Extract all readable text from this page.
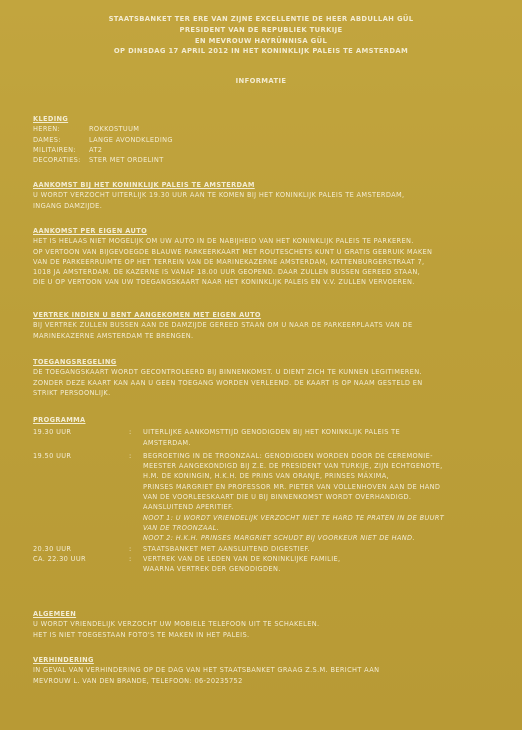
STAATSBANKET TER ERE VAN ZIJNE EXCELLENTIE DE HEER ABDULLAH GÜL
PRESIDENT VAN DE REPUBLIEK TURKIJE
EN MEVROUW HAYRÜNNISA GÜL
OP DINSDAG 17 APRIL 2012 IN HET KONINKLIJK PALEIS TE AMSTERDAM
INFORMATIE
KLEDING
HEREN:	ROKKOSTUUM
DAMES:	LANGE AVONDKLEDING
MILITAIREN:	AT2
DECORATIES:	STER MET ORDELINT
AANKOMST BIJ HET KONINKLIJK PALEIS TE AMSTERDAM
U WORDT VERZOCHT UITERLIJK 19.30 UUR AAN TE KOMEN BIJ HET KONINKLIJK PALEIS TE AMSTERDAM,
INGANG DAMZIJDE.
AANKOMST PER EIGEN AUTO
HET IS HELAAS NIET MOGELIJK OM UW AUTO IN DE NABIJHEID VAN HET KONINKLIJK PALEIS TE PARKEREN.
OP VERTOON VAN BIJGEVOEGDE BLAUWE PARKEERKAART MET ROUTESCHETS KUNT U GRATIS GEBRUIK MAKEN
VAN DE PARKEERRUIMTE OP HET TERREIN VAN DE MARINEKAZERNE AMSTERDAM, KATTENBURGERSTRAAT 7,
1018 JA AMSTERDAM. DE KAZERNE IS VANAF 18.00 UUR GEOPEND. DAAR ZULLEN BUSSEN GEREED STAAN,
DIE U OP VERTOON VAN UW TOEGANGSKAART NAAR HET KONINKLIJK PALEIS EN V.V. ZULLEN VERVOEREN.
VERTREK INDIEN U BENT AANGEKOMEN MET EIGEN AUTO
BIJ VERTREK ZULLEN BUSSEN AAN DE DAMZIJDE GEREED STAAN OM U NAAR DE PARKEERPLAATS VAN DE
MARINEKAZERNE AMSTERDAM TE BRENGEN.
TOEGANGSREGELING
DE TOEGANGSKAART WORDT GECONTROLEERD BIJ BINNENKOMST. U DIENT ZICH TE KUNNEN LEGITIMEREN.
ZONDER DEZE KAART KAN AAN U GEEN TOEGANG WORDEN VERLEEND. DE KAART IS OP NAAM GESTELD EN
STRIKT PERSOONLIJK.
PROGRAMMA
19.30 UUR	:	UITERLIJKE AANKOMSTTIJD GENODIGDEN BIJ HET KONINKLIJK PALEIS TE
AMSTERDAM.
19.50 UUR	:	BEGROETING IN DE TROONZAAL: GENODIGDEN WORDEN DOOR DE CEREMONIE-
MEESTER AANGEKONDIGD BIJ Z.E. DE PRESIDENT VAN TURKIJE, ZIJN ECHTGENOTE,
H.M. DE KONINGIN, H.K.H. DE PRINS VAN ORANJE, PRINSES MÁXIMA,
PRINSES MARGRIET EN PROFESSOR MR. PIETER VAN VOLLENHOVEN AAN DE HAND
VAN DE VOORLEESKAART DIE U BIJ BINNENKOMST WORDT OVERHANDIGD.
AANSLUITEND APERITIEF.
NOOT 1: U WORDT VRIENDELIJK VERZOCHT NIET TE HARD TE PRATEN IN DE BUURT
VAN DE TROONZAAL.
NOOT 2: H.K.H. PRINSES MARGRIET SCHUDT BIJ VOORKEUR NIET DE HAND.
20.30 UUR	:	STAATSBANKET MET AANSLUITEND DIGESTIEF.
CA. 22.30 UUR	:	VERTREK VAN DE LEDEN VAN DE KONINKLIJKE FAMILIE,
WAARNA VERTREK DER GENODIGDEN.
ALGEMEEN
U WORDT VRIENDELIJK VERZOCHT UW MOBIELE TELEFOON UIT TE SCHAKELEN.
HET IS NIET TOEGESTAAN FOTO'S TE MAKEN IN HET PALEIS.
VERHINDERING
IN GEVAL VAN VERHINDERING OP DE DAG VAN HET STAATSBANKET GRAAG Z.S.M. BERICHT AAN
MEVROUW L. VAN DEN BRANDE, TELEFOON: 06-20235752
